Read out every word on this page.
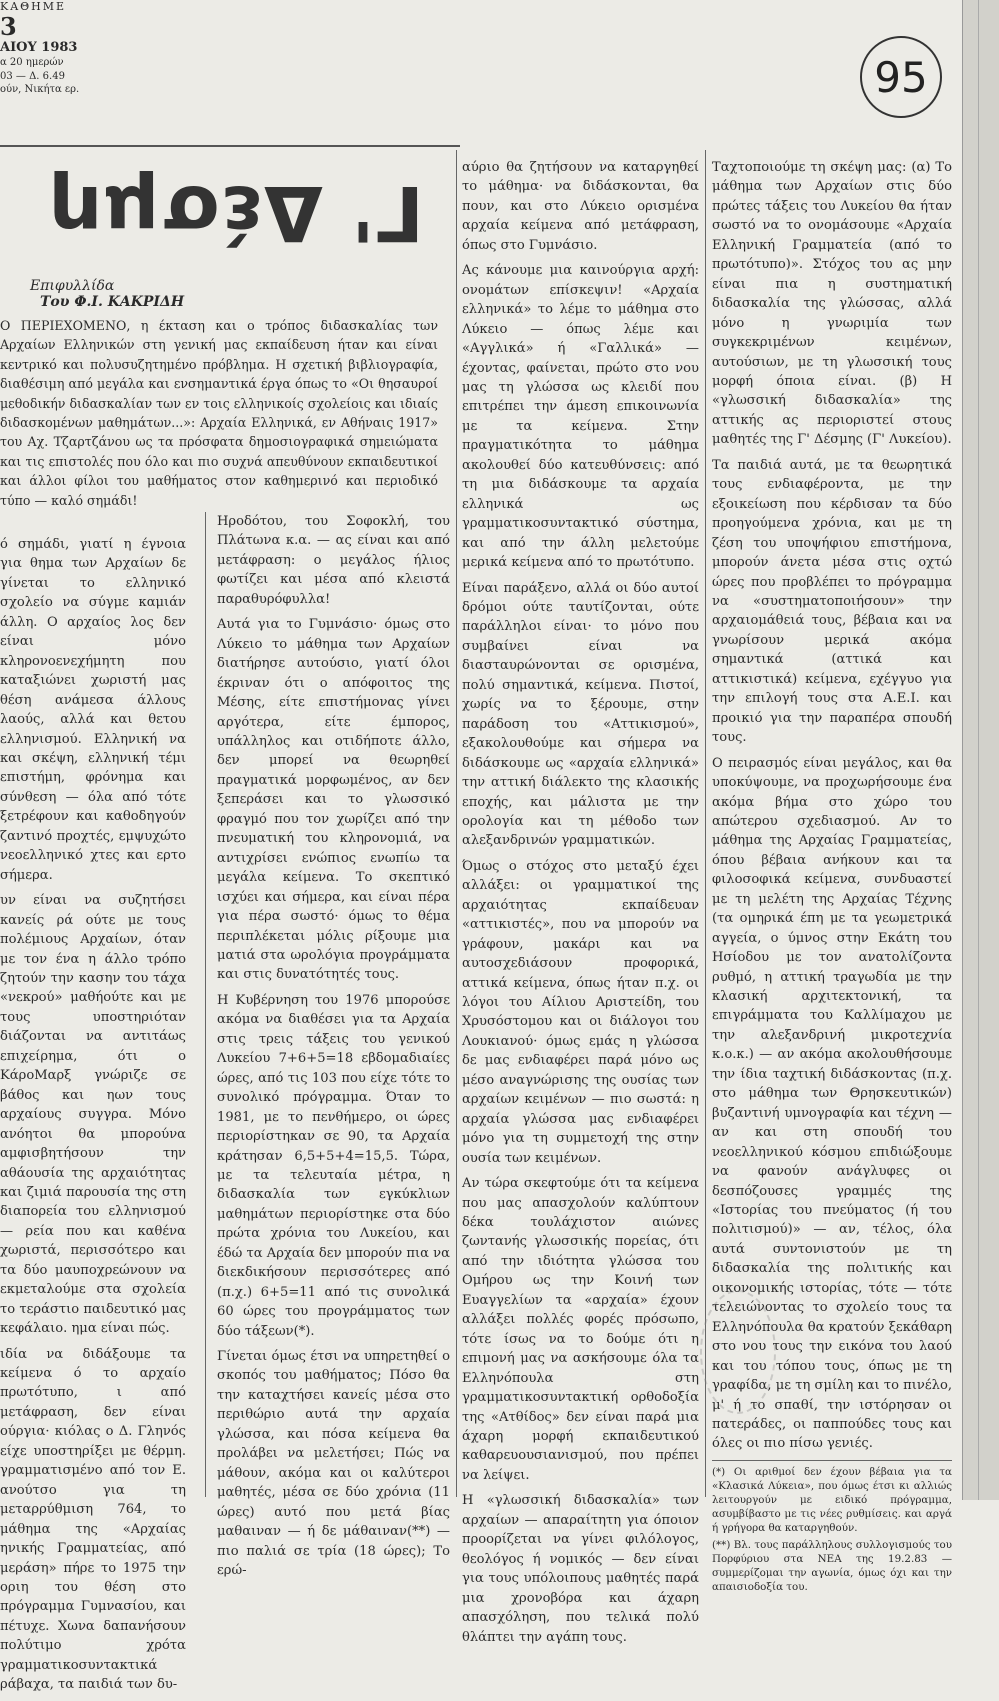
ΚΑΘΗΜΕ
3
ΑΙΟΥ 1983
α 20 ημερών
03 — Δ. 6.49
ούν, Νικήτα ερ.	95
Γ' Δέσμη
Επιφυλλίδα
Του Φ.Ι. ΚΑΚΡΙΔΗ
Ο ΠΕΡΙΕΧΟΜΕΝΟ, η έκταση και ο τρόπος διδασκαλίας των Αρχαίων Ελληνικών στη γενική μας εκπαίδευση ήταν και είναι κεντρικό και πολυσυζητημένο πρόβλημα. Η σχετική βιβλιογραφία, διαθέσιμη από μεγάλα και ενσημαντικά έργα όπως το «Οι θησαυροί μεθοδικήν διδασκαλίαν των εν τοις ελληνικοίς σχολείοις και ιδιαίς διδασκομένων μαθημάτων...»: Αρχαία Ελληνικά, εν Αθήναις 1917» του Αχ. Τζαρτζάνου ως τα πρόσφατα δημοσιογραφικά σημειώματα και τις επιστολές που όλο και πιο συχνά απευθύνουν εκπαιδευτικοί και άλλοι φίλοι του μαθήματος στον καθημερινό και περιοδικό τύπο — καλό σημάδι!

ό σημάδι, γιατί η έγνοια για θημα των Αρχαίων δε γίνεται το ελληνικό σχολείο να σύγμε καμιάν άλλη. Ο αρχαίος λος δεν είναι μόνο κληρονοενεχήμητη που καταξιώνει χωριστή μας θέση ανάμεσα άλλους λαούς, αλλά και θετου ελληνισμού. Ελληνική να και σκέψη, ελληνική τέμι επιστήμη, φρόνημα και σύνθεση — όλα από τότε ξετρέφουν και καθοδηγούν ζαντινό προχτές, εμψυχώτο νεοελληνικό χτες και ερτο σήμερα.

υν είναι να συζητήσει κανείς ρά ούτε με τους πολέμιους Αρχαίων, όταν με τον ένα η άλλο τρόπο ζητούν την κασην του τάχα «νεκρού» μαθήούτε και με τους υποστηριόταν διάζονται να αντιτάως επιχείρημα, ότι ο ΚάροΜαρξ γνώριζε σε βάθος και ηων τους αρχαίους συγγρα. Μόνο ανόητοι θα μπορούνα αμφισβητήσουν την αθάουσία της αρχαιότητας και ζιμιά παρουσία της στη διαπορεία του ελληνισμού — ρεία που και καθένα χωριστά, περισσότερο και τα δύο μαυποχρεώνουν να εκμεταλούμε στα σχολεία το τεράστιο παιδευτικό μας κεφάλαιο. ημα είναι πώς.

ιδία να διδάξουμε τα κείμενα ό το αρχαίο πρωτότυπο, ι από μετάφραση, δεν είναι ούργια· κιόλας ο Δ. Γληνός είχε υποστηρίξει με θέρμη. γραμματισμένο από τον Ε. ανούτσο για τη μεταρρύθμιση 764, το μάθημα της «Αρχαίας ηνικής Γραμματείας, από μεράση» πήρε το 1975 την οριη του θέση στο πρόγραμμα Γυμνασίου, και πέτυχε. Χωνα δαπανήσουν πολύτιμο χρότα γραμματικοσυντακτικά ράβαχα, τα παιδιά των δυ-

Ηροδότου, του Σοφοκλή, του Πλάτωνα κ.α. — ας είναι και από μετάφραση: ο μεγάλος ήλιος φωτίζει και μέσα από κλειστά παραθυρόφυλλα!

Αυτά για το Γυμνάσιο· όμως στο Λύκειο το μάθημα των Αρχαίων διατήρησε αυτούσιο, γιατί όλοι έκριναν ότι ο απόφοιτος της Μέσης, είτε επιστήμονας γίνει αργότερα, είτε έμπορος, υπάλληλος και οτιδήποτε άλλο, δεν μπορεί να θεωρηθεί πραγματικά μορφωμένος, αν δεν ξεπεράσει και το γλωσσικό φραγμό που τον χωρίζει από την πνευματική του κληρονομιά, να αντιχρίσει ενώπιος ενωπίω τα μεγάλα κείμενα. Το σκεπτικό ισχύει και σήμερα, και είναι πέρα για πέρα σωστό· όμως το θέμα περιπλέκεται μόλις ρίξουμε μια ματιά στα ωρολόγια προγράμματα και στις δυνατότητές τους.

Η Κυβέρνηση του 1976 μπορούσε ακόμα να διαθέσει για τα Αρχαία στις τρεις τάξεις του γενικού Λυκείου 7+6+5=18 εβδομαδιαίες ώρες, από τις 103 που είχε τότε το συνολικό πρόγραμμα. Όταν το 1981, με το πενθήμερο, οι ώρες περιορίστηκαν σε 90, τα Αρχαία κράτησαν 6,5+5+4=15,5. Τώρα, με τα τελευταία μέτρα, η διδασκαλία των εγκύκλιων μαθημάτων περιορίστηκε στα δύο πρώτα χρόνια του Λυκείου, και έδώ τα Αρχαία δεν μπορούν πια να διεκδικήσουν περισσότερες από (π.χ.) 6+5=11 από τις συνολικά 60 ώρες του προγράμματος των δύο τάξεων(*).

Γίνεται όμως έτσι να υπηρετηθεί ο σκοπός του μαθήματος; Πόσο θα την καταχτήσει κανείς μέσα στο περιθώριο αυτά την αρχαία γλώσσα, και πόσα κείμενα θα προλάβει να μελετήσει; Πώς να μάθουν, ακόμα και οι καλύτεροι μαθητές, μέσα σε δύο χρόνια (11 ώρες) αυτό που μετά βίας μαθαιναν — ή δε μάθαιναν(**) — πιο παλιά σε τρία (18 ώρες); Το ερώ-

αύριο θα ζητήσουν να καταργηθεί το μάθημα· να διδάσκονται, θα πουν, και στο Λύκειο ορισμένα αρχαία κείμενα από μετάφραση, όπως στο Γυμνάσιο.

Ας κάνουμε μια καινούργια αρχή: ονομάτων επίσκεψιν! «Αρχαία ελληνικά» το λέμε το μάθημα στο Λύκειο — όπως λέμε και «Αγγλικά» ή «Γαλλικά» — έχοντας, φαίνεται, πρώτο στο νου μας τη γλώσσα ως κλειδί που επιτρέπει την άμεση επικοινωνία με τα κείμενα. Στην πραγματικότητα το μάθημα ακολουθεί δύο κατευθύνσεις: από τη μια διδάσκουμε τα αρχαία ελληνικά ως γραμματικοσυντακτικό σύστημα, και από την άλλη μελετούμε μερικά κείμενα από το πρωτότυπο.

Είναι παράξενο, αλλά οι δύο αυτοί δρόμοι ούτε ταυτίζονται, ούτε παράλληλοι είναι· το μόνο που συμβαίνει είναι να διασταυρώνονται σε ορισμένα, πολύ σημαντικά, κείμενα. Πιστοί, χωρίς να το ξέρουμε, στην παράδοση του «Αττικισμού», εξακολουθούμε και σήμερα να διδάσκουμε ως «αρχαία ελληνικά» την αττική διάλεκτο της κλασικής εποχής, και μάλιστα με την ορολογία και τη μέθοδο των αλεξανδρινών γραμματικών.

Όμως ο στόχος στο μεταξύ έχει αλλάξει: οι γραμματικοί της αρχαιότητας εκπαίδευαν «αττικιστές», που να μπορούν να γράφουν, μακάρι και να αυτοσχεδιάσουν προφορικά, αττικά κείμενα, όπως ήταν π.χ. οι λόγοι του Αίλιου Αριστείδη, του Χρυσόστομου και οι διάλογοι του Λουκιανού· όμως εμάς η γλώσσα δε μας ενδιαφέρει παρά μόνο ως μέσο αναγνώρισης της ουσίας των αρχαίων κειμένων — πιο σωστά: η αρχαία γλώσσα μας ενδιαφέρει μόνο για τη συμμετοχή της στην ουσία των κειμένων.

Αν τώρα σκεφτούμε ότι τα κείμενα που μας απασχολούν καλύπτουν δέκα τουλάχιστον αιώνες ζωντανής γλωσσικής πορείας, ότι από την ιδιότητα γλώσσα του Ομήρου ως την Κοινή των Ευαγγελίων τα «αρχαία» έχουν αλλάξει πολλές φορές πρόσωπο, τότε ίσως να το δούμε ότι η επιμονή μας να ασκήσουμε όλα τα Ελληνόπουλα στη γραμματικοσυντακτική ορθοδοξία της «Ατθίδος» δεν είναι παρά μια άχαρη μορφή εκπαιδευτικού καθαρευουσιανισμού, που πρέπει να λείψει.

Η «γλωσσική διδασκαλία» των αρχαίων — απαραίτητη για όποιον προορίζεται να γίνει φιλόλογος, θεολόγος ή νομικός — δεν είναι για τους υπόλοιπους μαθητές παρά μια χρονοβόρα και άχαρη απασχόληση, που τελικά πολύ θλάπτει την αγάπη τους.

Ταχτοποιούμε τη σκέψη μας: (α) Το μάθημα των Αρχαίων στις δύο πρώτες τάξεις του Λυκείου θα ήταν σωστό να το ονομάσουμε «Αρχαία Ελληνική Γραμματεία (από το πρωτότυπο)». Στόχος του ας μην είναι πια η συστηματική διδασκαλία της γλώσσας, αλλά μόνο η γνωριμία των συγκεκριμένων κειμένων, αυτούσιων, με τη γλωσσική τους μορφή όποια είναι. (β) Η «γλωσσική διδασκαλία» της αττικής ας περιοριστεί στους μαθητές της Γ' Δέσμης (Γ' Λυκείου).

Τα παιδιά αυτά, με τα θεωρητικά τους ενδιαφέροντα, με την εξοικείωση που κέρδισαν τα δύο προηγούμενα χρόνια, και με τη ζέση του υποψήφιου επιστήμονα, μπορούν άνετα μέσα στις οχτώ ώρες που προβλέπει το πρόγραμμα να «συστηματοποιήσουν» την αρχαιομάθειά τους, βέβαια και να γνωρίσουν μερικά ακόμα σημαντικά (αττικά και αττικιστικά) κείμενα, εχέγγυο για την επιλογή τους στα Α.Ε.Ι. και προικιό για την παραπέρα σπουδή τους.

Ο πειρασμός είναι μεγάλος, και θα υποκύψουμε, να προχωρήσουμε ένα ακόμα βήμα στο χώρο του απώτερου σχεδιασμού. Αν το μάθημα της Αρχαίας Γραμματείας, όπου βέβαια ανήκουν και τα φιλοσοφικά κείμενα, συνδυαστεί με τη μελέτη της Αρχαίας Τέχνης (τα ομηρικά έπη με τα γεωμετρικά αγγεία, ο ύμνος στην Εκάτη του Ησίοδου με τον ανατολίζοντα ρυθμό, η αττική τραγωδία με την κλασική αρχιτεκτονική, τα επιγράμματα του Καλλίμαχου με την αλεξανδρινή μικροτεχνία κ.ο.κ.) — αν ακόμα ακολουθήσουμε την ίδια ταχτική διδάσκοντας (π.χ. στο μάθημα των Θρησκευτικών) βυζαντινή υμνογραφία και τέχνη — αν και στη σπουδή του νεοελληνικού κόσμου επιδιώξουμε να φανούν ανάγλυφες οι δεσπόζουσες γραμμές της «Ιστορίας του πνεύματος (ή του πολιτισμού)» — αν, τέλος, όλα αυτά συντονιστούν με τη διδασκαλία της πολιτικής και οικονομικής ιστορίας, τότε — τότε τελειώνοντας το σχολείο τους τα Ελληνόπουλα θα κρατούν ξεκάθαρη στο νου τους την εικόνα του λαού και του τόπου τους, όπως με τη γραφίδα, με τη σμίλη και το πινέλο, μ' ή το σπαθί, την ιστόρησαν οι πατεράδες, οι παππούδες τους και όλες οι πιο πίσω γενιές.

(*) Οι αριθμοί δεν έχουν βέβαια για τα «Κλασικά Λύκεια», που όμως έτσι κι αλλιώς λειτουργούν με ειδικό πρόγραμμα, ασυμβίβαστο με τις νέες ρυθμίσεις. και αργά ή γρήγορα θα καταργηθούν.

(**) Βλ. τους παράλληλους συλλογισμούς του Πορφύριου στα ΝΕΑ της 19.2.83 — συμμερίζομαι την αγωνία, όμως όχι και την απαισιοδοξία του.
